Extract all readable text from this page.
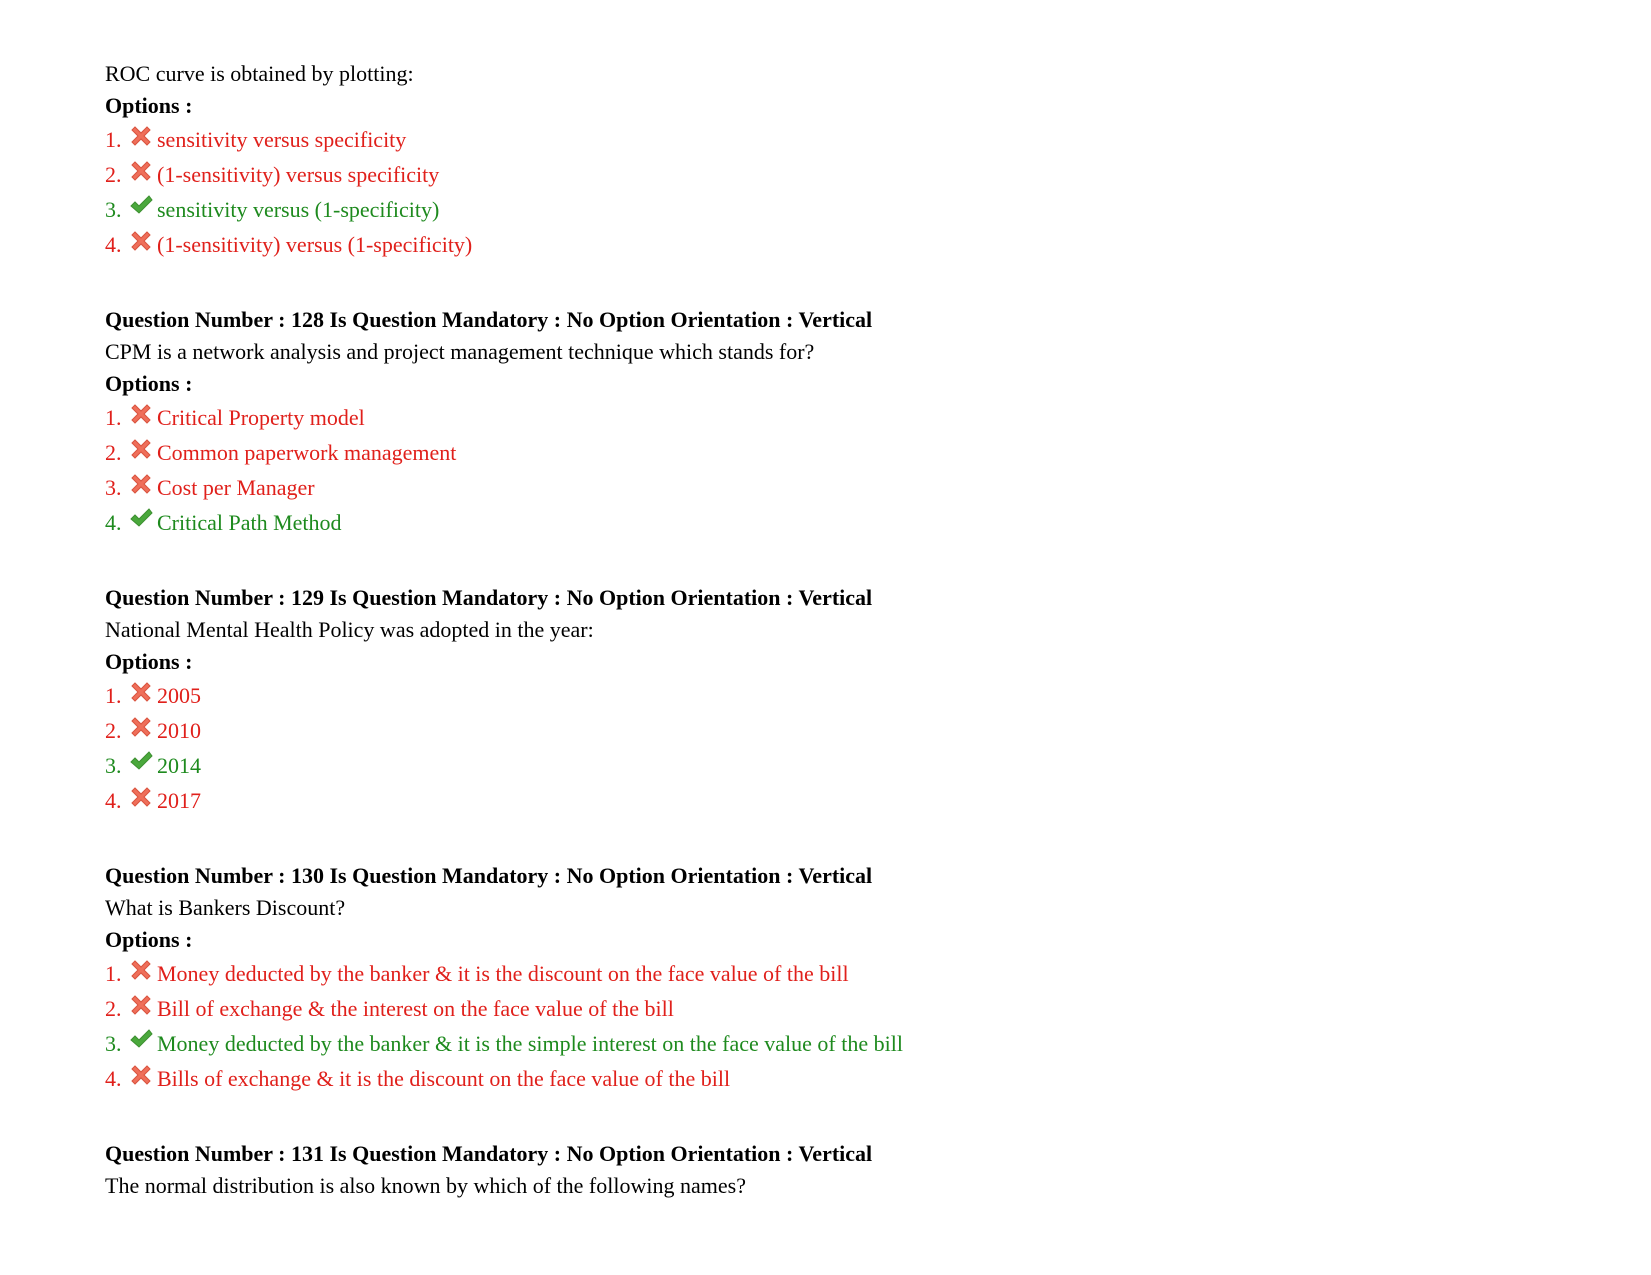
ROC curve is obtained by plotting:
Options :
1.	sensitivity versus specificity
2.	(1-sensitivity) versus specificity
3.	sensitivity versus (1-specificity)
4.	(1-sensitivity) versus (1-specificity)
Question Number : 128 Is Question Mandatory : No Option Orientation : Vertical
CPM is a network analysis and project management technique which stands for?
Options :
1.	Critical Property model
2.	Common paperwork management
3.	Cost per Manager
4.	Critical Path Method
Question Number : 129 Is Question Mandatory : No Option Orientation : Vertical
National Mental Health Policy was adopted in the year:
Options :
1.	2005
2.	2010
3.	2014
4.	2017
Question Number : 130 Is Question Mandatory : No Option Orientation : Vertical
What is Bankers Discount?
Options :
1.	Money deducted by the banker & it is the discount on the face value of the bill
2.	Bill of exchange & the interest on the face value of the bill
3.	Money deducted by the banker & it is the simple interest on the face value of the bill
4.	Bills of exchange & it is the discount on the face value of the bill
Question Number : 131 Is Question Mandatory : No Option Orientation : Vertical
The normal distribution is also known by which of the following names?
